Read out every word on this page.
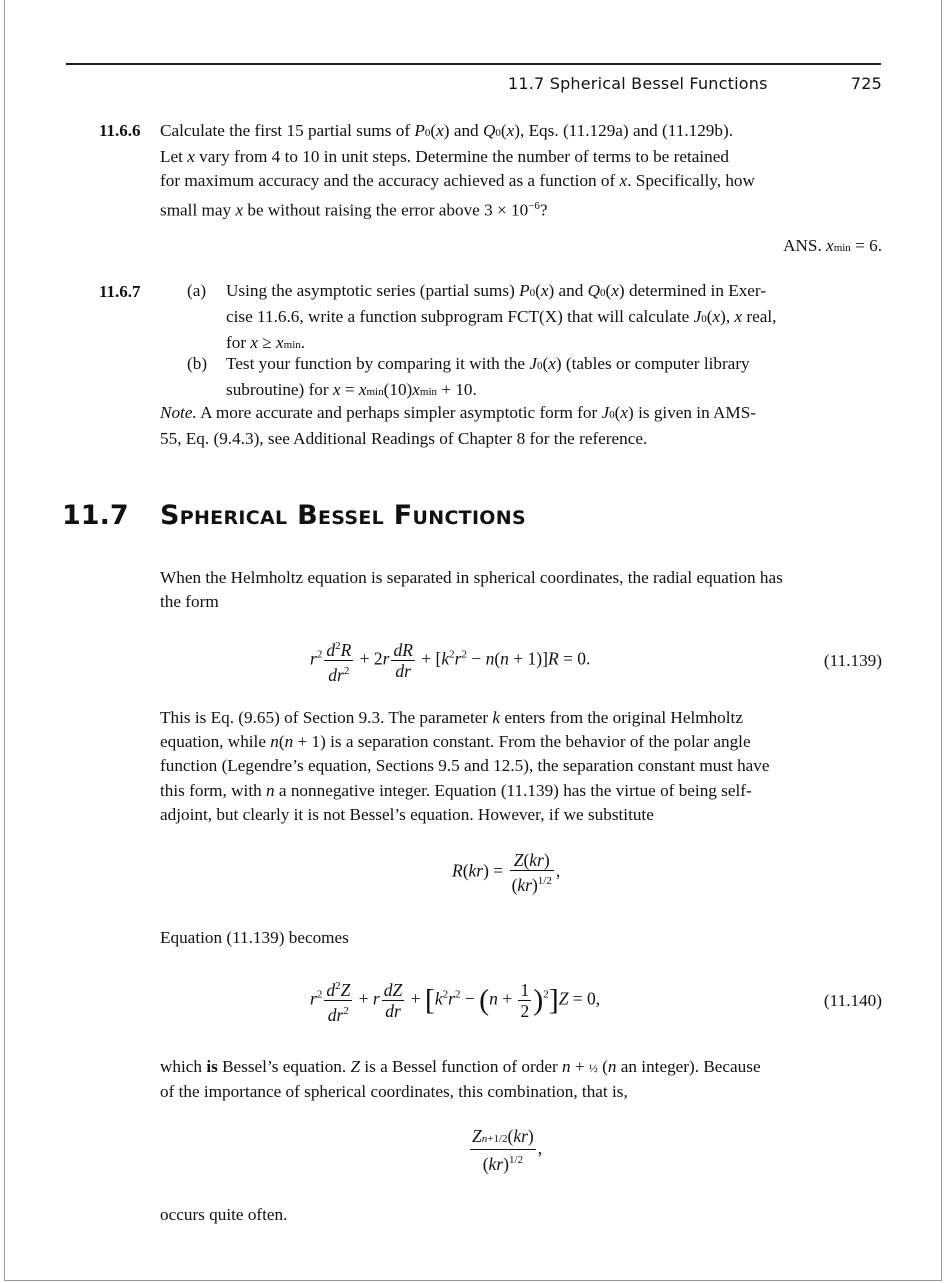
11.7 Spherical Bessel Functions	725
11.6.6 Calculate the first 15 partial sums of P0(x) and Q0(x), Eqs. (11.129a) and (11.129b).
Let x vary from 4 to 10 in unit steps. Determine the number of terms to be retained
for maximum accuracy and the accuracy achieved as a function of x. Specifically, how
small may x be without raising the error above $3 \times 10^{-6}$?
ANS. xmin = 6.
11.6.7	(a) Using the asymptotic series (partial sums) P0(x) and Q0(x) determined in Exer-
cise 11.6.6, write a function subprogram FCT(X) that will calculate J0(x), x real,
for x ≥ xmin.
(b) Test your function by comparing it with the J0(x) (tables or computer library
subroutine) for x = xmin(10)xmin + 10.
Note. A more accurate and perhaps simpler asymptotic form for J0(x) is given in AMS-
55, Eq. (9.4.3), see Additional Readings of Chapter 8 for the reference.
11.7 Spherical Bessel Functions
When the Helmholtz equation is separated in spherical coordinates, the radial equation has
the form
$r^2 \frac{d^2R}{dr^2} + 2r \frac{dR}{dr} + [k^2r^2 - n(n + 1)]R = 0$.	(11.139)
This is Eq. (9.65) of Section 9.3. The parameter k enters from the original Helmholtz
equation, while n(n + 1) is a separation constant. From the behavior of the polar angle
function (Legendre’s equation, Sections 9.5 and 12.5), the separation constant must have
this form, with n a nonnegative integer. Equation (11.139) has the virtue of being self-
adjoint, but clearly it is not Bessel’s equation. However, if we substitute
$R(kr) = \frac{Z(kr)}{(kr)^{1/2}}$ ,
Equation (11.139) becomes
$r^2 \frac{d^2Z}{dr^2} + r \frac{dZ}{dr} + [k^2r^2 - (n + \frac{1}{2} )^2]Z = 0$,	(11.140)
which is Bessel’s equation. Z is a Bessel function of order n + ½ (n an integer). Because
of the importance of spherical coordinates, this combination, that is,
$\frac{Zn+1/2(kr)}{(kr)^{1/2}}$ ,
occurs quite often.
